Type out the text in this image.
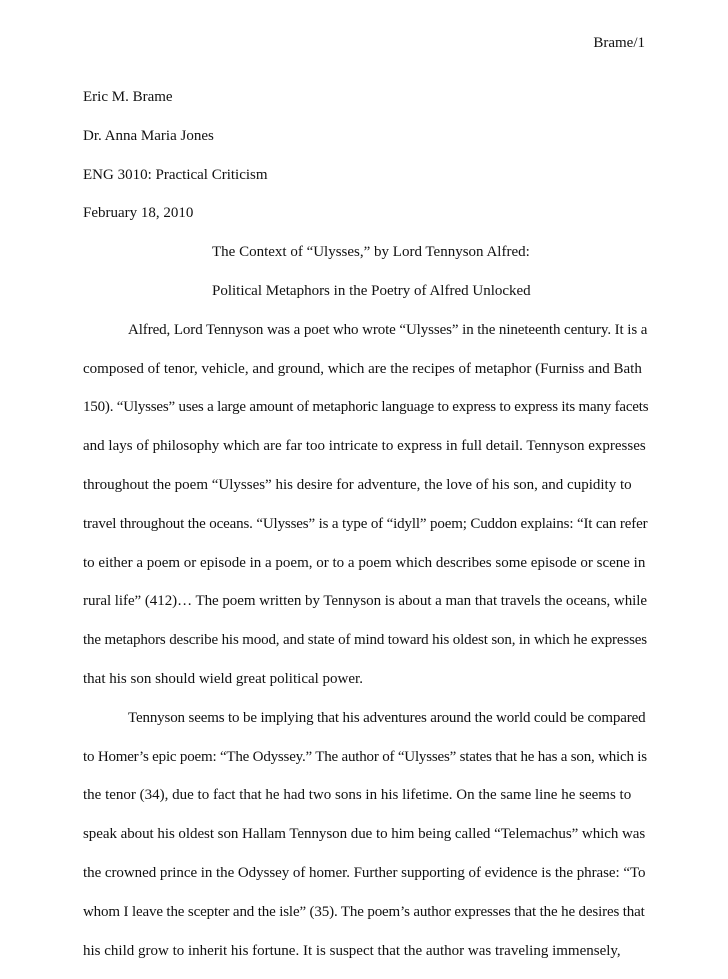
Brame/1
Eric M. Brame
Dr. Anna Maria Jones
ENG 3010: Practical Criticism
February 18, 2010
The Context of “Ulysses,” by Lord Tennyson Alfred:
Political Metaphors in the Poetry of Alfred Unlocked
Alfred, Lord Tennyson was a poet who wrote “Ulysses” in the nineteenth century. It is a
composed of tenor, vehicle, and ground, which are the recipes of metaphor (Furniss and Bath
150). “Ulysses” uses a large amount of metaphoric language to express to express its many facets
and lays of philosophy which are far too intricate to express in full detail. Tennyson expresses
throughout the poem “Ulysses” his desire for adventure, the love of his son, and cupidity to
travel throughout the oceans. “Ulysses” is a type of “idyll” poem; Cuddon explains: “It can refer
to either a poem or episode in a poem, or to a poem which describes some episode or scene in
rural life” (412)… The poem written by Tennyson is about a man that travels the oceans, while
the metaphors describe his mood, and state of mind toward his oldest son, in which he expresses
that his son should wield great political power.
Tennyson seems to be implying that his adventures around the world could be compared
to Homer’s epic poem: “The Odyssey.” The author of “Ulysses” states that he has a son, which is
the tenor (34), due to fact that he had two sons in his lifetime. On the same line he seems to
speak about his oldest son Hallam Tennyson due to him being called “Telemachus” which was
the crowned prince in the Odyssey of homer. Further supporting of evidence is the phrase: “To
whom I leave the scepter and the isle” (35). The poem’s author expresses that the he desires that
his child grow to inherit his fortune. It is suspect that the author was traveling immensely,
